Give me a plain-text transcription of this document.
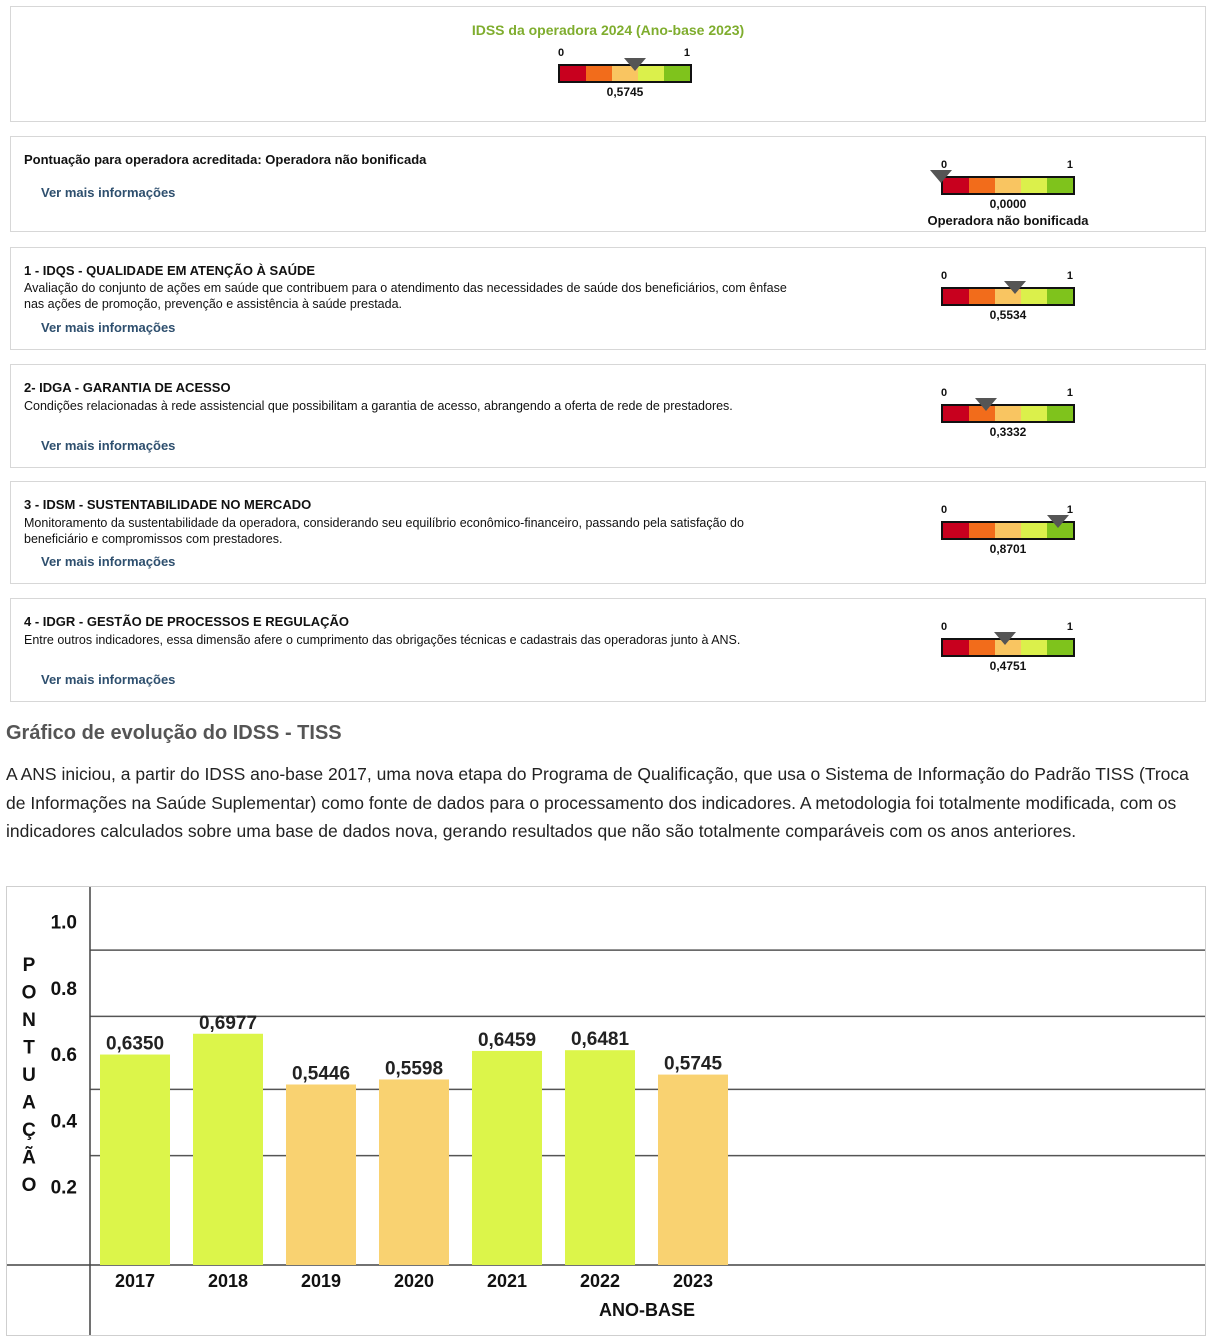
IDSS da operadora 2024 (Ano-base 2023)
0	1
0,5745
Pontuação para operadora acreditada: Operadora não bonificada
Ver mais informações
0	1
0,0000
Operadora não bonificada
1 - IDQS - QUALIDADE EM ATENÇÃO À SAÚDE
Avaliação do conjunto de ações em saúde que contribuem para o atendimento das necessidades de saúde dos beneficiários, com ênfase nas ações de promoção, prevenção e assistência à saúde prestada.
Ver mais informações
0	1
0,5534
2- IDGA - GARANTIA DE ACESSO
Condições relacionadas à rede assistencial que possibilitam a garantia de acesso, abrangendo a oferta de rede de prestadores.
Ver mais informações
0	1
0,3332
3 - IDSM - SUSTENTABILIDADE NO MERCADO
Monitoramento da sustentabilidade da operadora, considerando seu equilíbrio econômico-financeiro, passando pela satisfação do beneficiário e compromissos com prestadores.
Ver mais informações
0	1
0,8701
4 - IDGR - GESTÃO DE PROCESSOS E REGULAÇÃO
Entre outros indicadores, essa dimensão afere o cumprimento das obrigações técnicas e cadastrais das operadoras junto à ANS.
Ver mais informações
0	1
0,4751
Gráfico de evolução do IDSS - TISS
A ANS iniciou, a partir do IDSS ano-base 2017, uma nova etapa do Programa de Qualificação, que usa o Sistema de Informação do Padrão TISS (Troca de Informações na Saúde Suplementar) como fonte de dados para o processamento dos indicadores. A metodologia foi totalmente modificada, com os indicadores calculados sobre uma base de dados nova, gerando resultados que não são totalmente comparáveis com os anos anteriores.
0.2
0.4
0.6
0.8
1.0
P
O
N
T
U
A
Ç
Ã
O
0,6350
2017
0,6977
2018
0,5446
2019
0,5598
2020
0,6459
2021
0,6481
2022
0,5745
2023
ANO-BASE
